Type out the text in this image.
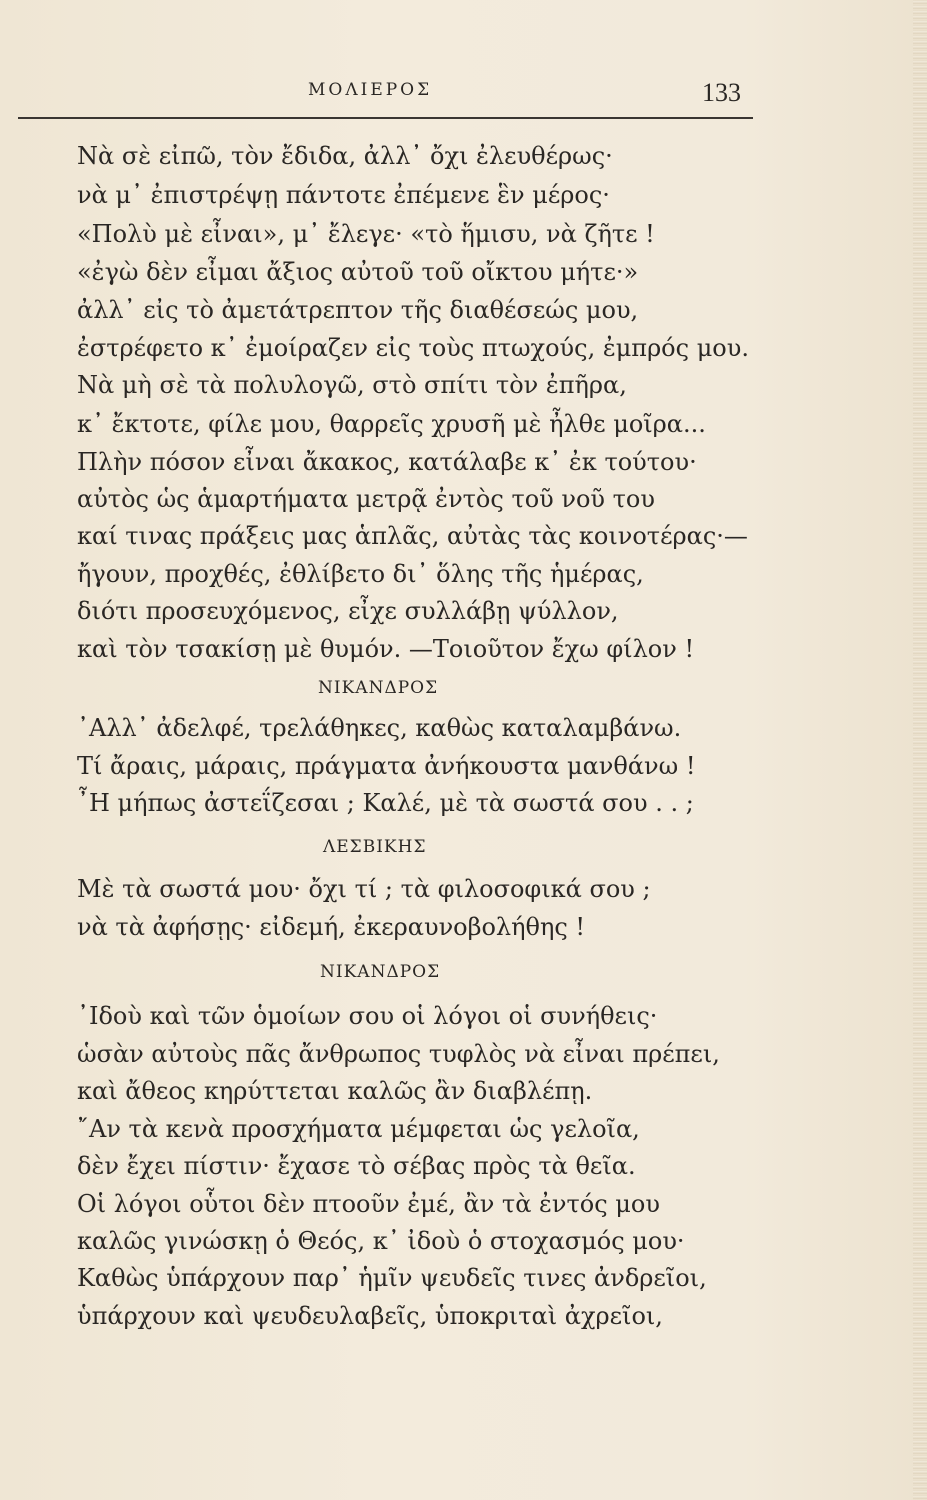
ΜΟΛΙΕΡΟΣ	133
Νὰ σὲ εἰπῶ, τὸν ἔδιδα, ἀλλ᾽ ὄχι ἐλευθέρως·
νὰ μ᾽ ἐπιστρέψῃ πάντοτε ἐπέμενε ἓν μέρος·
«Πολὺ μὲ εἶναι», μ᾽ ἔλεγε· «τὸ ἥμισυ, νὰ ζῆτε !
«ἐγὼ δὲν εἶμαι ἄξιος αὐτοῦ τοῦ οἴκτου μήτε·»
ἀλλ᾽ εἰς τὸ ἀμετάτρεπτον τῆς διαθέσεώς μου,
ἐστρέφετο κ᾽ ἐμοίραζεν εἰς τοὺς πτωχούς, ἐμπρός μου.
Νὰ μὴ σὲ τὰ πολυλογῶ, στὸ σπίτι τὸν ἐπῆρα,
κ᾽ ἔκτοτε, φίλε μου, θαρρεῖς χρυσῆ μὲ ἦλθε μοῖρα...
Πλὴν πόσον εἶναι ἄκακος, κατάλαβε κ᾽ ἐκ τούτου·
αὐτὸς ὡς ἁμαρτήματα μετρᾷ ἐντὸς τοῦ νοῦ του
καί τινας πράξεις μας ἁπλᾶς, αὐτὰς τὰς κοινοτέρας·—
ἤγουν, προχθές, ἐθλίβετο δι᾽ ὅλης τῆς ἡμέρας,
διότι προσευχόμενος, εἶχε συλλάβῃ ψύλλον,
καὶ τὸν τσακίσῃ μὲ θυμόν. —Τοιοῦτον ἔχω φίλον !
ΝΙΚΑΝΔΡΟΣ
᾽Αλλ᾽ ἀδελφέ, τρελάθηκες, καθὼς καταλαμβάνω.
Τί ἄραις, μάραις, πράγματα ἀνήκουστα μανθάνω !
῏Η μήπως ἀστεΐζεσαι ; Καλέ, μὲ τὰ σωστά σου . . ;
ΛΕΣΒΙΚΗΣ
Μὲ τὰ σωστά μου· ὄχι τί ; τὰ φιλοσοφικά σου ;
νὰ τὰ ἀφήσῃς· εἰδεμή, ἐκεραυνοβολήθης !
ΝΙΚΑΝΔΡΟΣ
᾽Ιδοὺ καὶ τῶν ὁμοίων σου οἱ λόγοι οἱ συνήθεις·
ὡσὰν αὐτοὺς πᾶς ἄνθρωπος τυφλὸς νὰ εἶναι πρέπει,
καὶ ἄθεος κηρύττεται καλῶς ἂν διαβλέπῃ.
῎Αν τὰ κενὰ προσχήματα μέμφεται ὡς γελοῖα,
δὲν ἔχει πίστιν· ἔχασε τὸ σέβας πρὸς τὰ θεῖα.
Οἱ λόγοι οὗτοι δὲν πτοοῦν ἐμέ, ἂν τὰ ἐντός μου
καλῶς γινώσκῃ ὁ Θεός, κ᾽ ἰδοὺ ὁ στοχασμός μου·
Καθὼς ὑπάρχουν παρ᾽ ἡμῖν ψευδεῖς τινες ἀνδρεῖοι,
ὑπάρχουν καὶ ψευδευλαβεῖς, ὑποκριταὶ ἀχρεῖοι,
